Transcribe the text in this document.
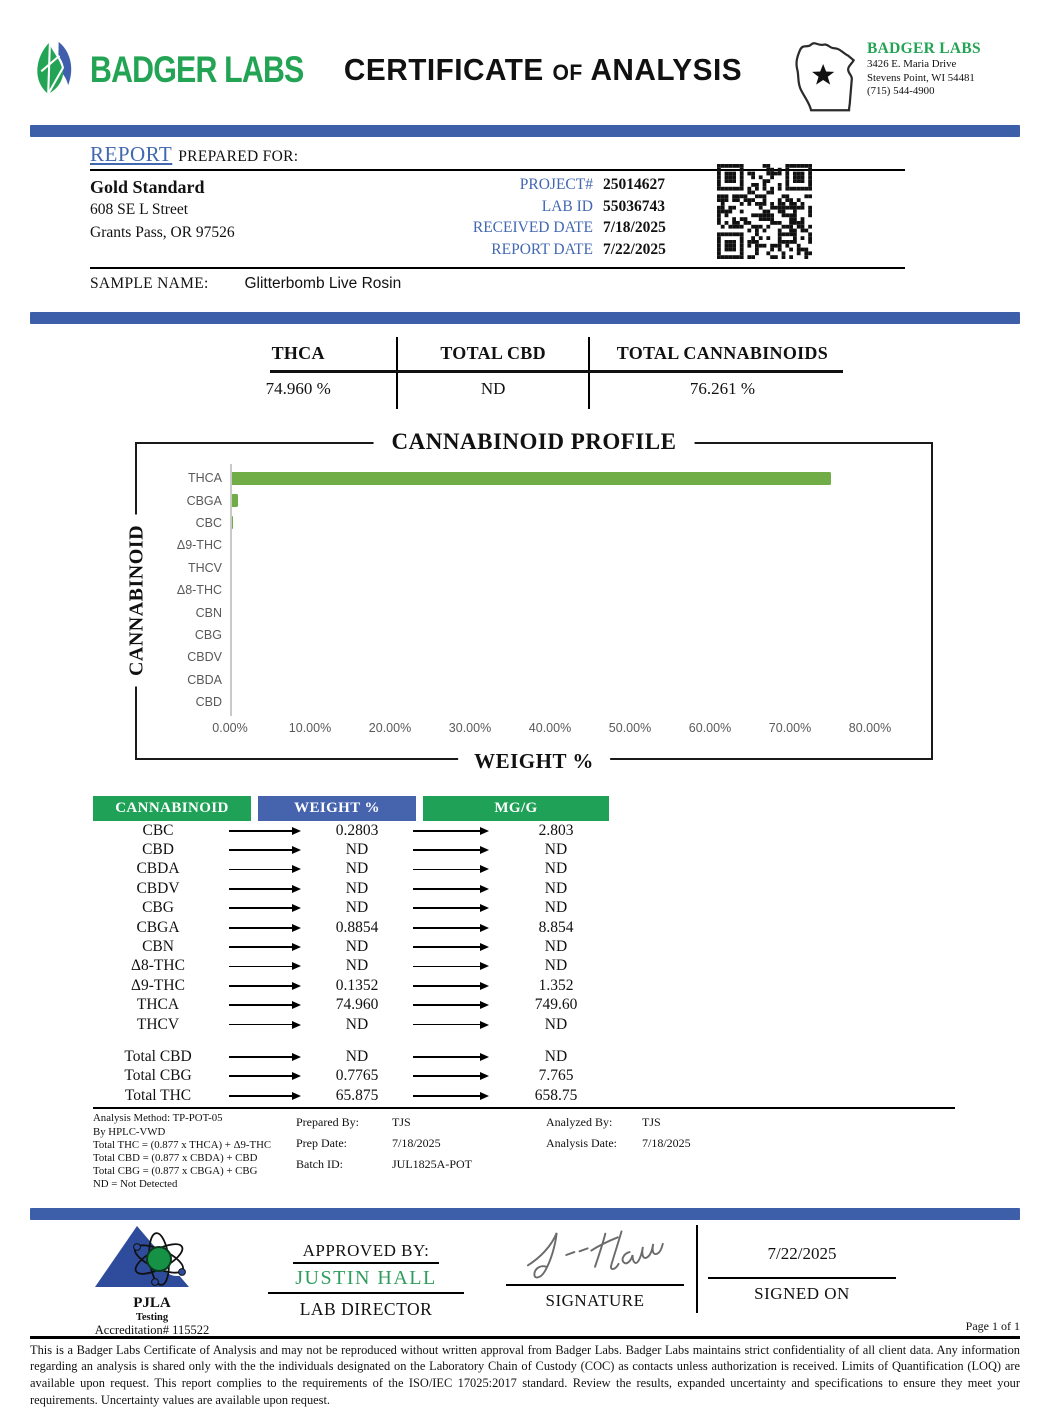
BADGER LABS	CERTIFICATE OF ANALYSIS
BADGER LABS
3426 E. Maria Drive
Stevens Point, WI 54481
(715) 544-4900
REPORT PREPARED FOR:
Gold Standard
608 SE L Street
Grants Pass, OR 97526
PROJECT# 25014627
LAB ID 55036743
RECEIVED DATE 7/18/2025
REPORT DATE 7/22/2025
SAMPLE NAME: Glitterbomb Live Rosin
THCA
74.960 %
TOTAL CBD
ND
TOTAL CANNABINOIDS
76.261 %
CANNABINOID PROFILE
CANNABINOID
THCA
CBGA
CBC
Δ9-THC
THCV
Δ8-THC
CBN
CBG
CBDV
CBDA
CBD
0.00%	10.00%	20.00%	30.00%	40.00%	50.00%	60.00%	70.00%	80.00%
WEIGHT %
CANNABINOID	WEIGHT %	MG/G
CBC	0.2803	2.803
CBD	ND	ND
CBDA	ND	ND
CBDV	ND	ND
CBG	ND	ND
CBGA	0.8854	8.854
CBN	ND	ND
Δ8-THC	ND	ND
Δ9-THC	0.1352	1.352
THCA	74.960	749.60
THCV	ND	ND
Total CBD	ND	ND
Total CBG	0.7765	7.765
Total THC	65.875	658.75
Analysis Method: TP-POT-05
By HPLC-VWD
Total THC = (0.877 x THCA) + Δ9-THC
Total CBD = (0.877 x CBDA) + CBD
Total CBG = (0.877 x CBGA) + CBG
ND = Not Detected
Prepared By:	TJS
Prep Date:	7/18/2025
Batch ID:	JUL1825A-POT
Analyzed By:	TJS
Analysis Date:	7/18/2025
PJLA
Testing
Accreditation# 115522
APPROVED BY:
JUSTIN HALL
LAB DIRECTOR	SIGNATURE
7/22/2025
SIGNED ON
Page 1 of 1
This is a Badger Labs Certificate of Analysis and may not be reproduced without written approval from Badger Labs. Badger Labs maintains strict confidentiality of all client data. Any information regarding an analysis is shared only with the the individuals designated on the Laboratory Chain of Custody (COC) as contacts unless authorization is received. Limits of Quantification (LOQ) are available upon request. This report complies to the requirements of the ISO/IEC 17025:2017 standard. Review the results, expanded uncertainty and specifications to ensure they meet your requirements. Uncertainty values are available upon request.
